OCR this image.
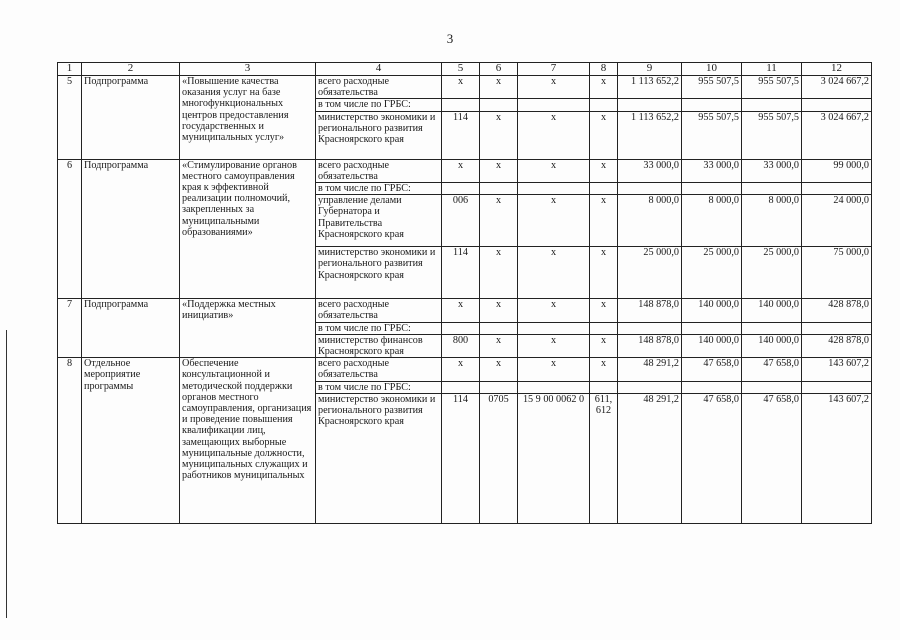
3
1	2	3	4	5	6	7	8	9	10	11	12
5	Подпрограмма	«Повышение качества оказания услуг на базе многофункциональных центров предоставления государственных и муниципальных услуг»	всего расходные обязательства	x	x	x	x	1 113 652,2	955 507,5	955 507,5	3 024 667,2
			в том числе по ГРБС:								
			министерство экономики и регионального развития Красноярского края	114	x	x	x	1 113 652,2	955 507,5	955 507,5	3 024 667,2
6	Подпрограмма	«Стимулирование органов местного самоуправления края к эффективной реализации полномочий, закрепленных за муниципальными образованиями»	всего расходные обязательства	x	x	x	x	33 000,0	33 000,0	33 000,0	99 000,0
			в том числе по ГРБС:								
			управление делами Губернатора и Правительства Красноярского края	006	x	x	x	8 000,0	8 000,0	8 000,0	24 000,0
			министерство экономики и регионального развития Красноярского края	114	x	x	x	25 000,0	25 000,0	25 000,0	75 000,0
7	Подпрограмма	«Поддержка местных инициатив»	всего расходные обязательства	x	x	x	x	148 878,0	140 000,0	140 000,0	428 878,0
			в том числе по ГРБС:								
			министерство финансов Красноярского края	800	x	x	x	148 878,0	140 000,0	140 000,0	428 878,0
8	Отдельное мероприятие программы	Обеспечение консультационной и методической поддержки органов местного самоуправления, организация и проведение повышения квалификации лиц, замещающих выборные муниципальные должности, муниципальных служащих и работников муниципальных	всего расходные обязательства	x	x	x	x	48 291,2	47 658,0	47 658,0	143 607,2
			в том числе по ГРБС:								
			министерство экономики и регионального развития Красноярского края	114	0705	15 9 00 0062 0	611, 612	48 291,2	47 658,0	47 658,0	143 607,2
